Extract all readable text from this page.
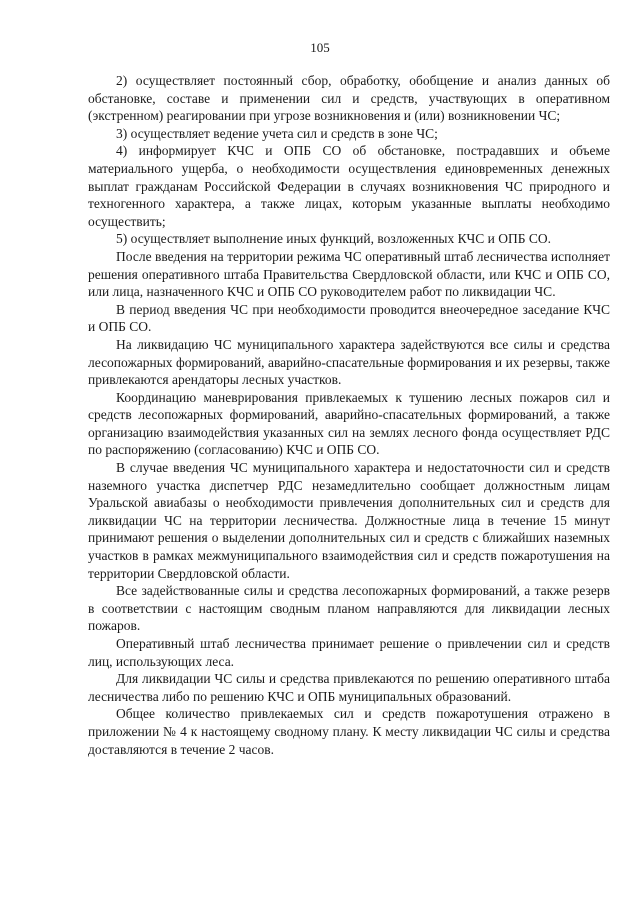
105

2) осуществляет постоянный сбор, обработку, обобщение и анализ данных об обстановке, составе и применении сил и средств, участвующих в оперативном (экстренном) реагировании при угрозе возникновения и (или) возникновении ЧС;

3) осуществляет ведение учета сил и средств в зоне ЧС;

4) информирует КЧС и ОПБ СО об обстановке, пострадавших и объеме материального ущерба, о необходимости осуществления единовременных денежных выплат гражданам Российской Федерации в случаях возникновения ЧС природного и техногенного характера, а также лицах, которым указанные выплаты необходимо осуществить;

5) осуществляет выполнение иных функций, возложенных КЧС и ОПБ СО.

После введения на территории режима ЧС оперативный штаб лесничества исполняет решения оперативного штаба Правительства Свердловской области, или КЧС и ОПБ СО, или лица, назначенного КЧС и ОПБ СО руководителем работ по ликвидации ЧС.

В период введения ЧС при необходимости проводится внеочередное заседание КЧС и ОПБ СО.

На ликвидацию ЧС муниципального характера задействуются все силы и средства лесопожарных формирований, аварийно-спасательные формирования и их резервы, также привлекаются арендаторы лесных участков.

Координацию маневрирования привлекаемых к тушению лесных пожаров сил и средств лесопожарных формирований, аварийно-спасательных формирований, а также организацию взаимодействия указанных сил на землях лесного фонда осуществляет РДС по распоряжению (согласованию) КЧС и ОПБ СО.

В случае введения ЧС муниципального характера и недостаточности сил и средств наземного участка диспетчер РДС незамедлительно сообщает должностным лицам Уральской авиабазы о необходимости привлечения дополнительных сил и средств для ликвидации ЧС на территории лесничества. Должностные лица в течение 15 минут принимают решения о выделении дополнительных сил и средств с ближайших наземных участков в рамках межмуниципального взаимодействия сил и средств пожаротушения на территории Свердловской области.

Все задействованные силы и средства лесопожарных формирований, а также резерв в соответствии с настоящим сводным планом направляются для ликвидации лесных пожаров.

Оперативный штаб лесничества принимает решение о привлечении сил и средств лиц, использующих леса.

Для ликвидации ЧС силы и средства привлекаются по решению оперативного штаба лесничества либо по решению КЧС и ОПБ муниципальных образований.

Общее количество привлекаемых сил и средств пожаротушения отражено в приложении № 4 к настоящему сводному плану. К месту ликвидации ЧС силы и средства доставляются в течение 2 часов.
